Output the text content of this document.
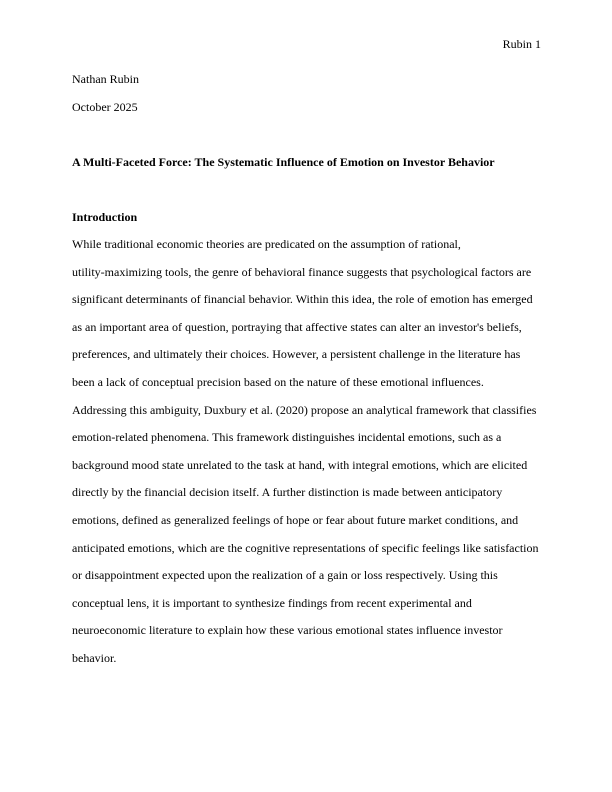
Rubin 1
Nathan Rubin
October 2025
A Multi-Faceted Force: The Systematic Influence of Emotion on Investor Behavior
Introduction
While traditional economic theories are predicated on the assumption of rational,
utility-maximizing tools, the genre of behavioral finance suggests that psychological factors are
significant determinants of financial behavior. Within this idea, the role of emotion has emerged
as an important area of question, portraying that affective states can alter an investor's beliefs,
preferences, and ultimately their choices. However, a persistent challenge in the literature has
been a lack of conceptual precision based on the nature of these emotional influences.
Addressing this ambiguity, Duxbury et al. (2020) propose an analytical framework that classifies
emotion-related phenomena. This framework distinguishes incidental emotions, such as a
background mood state unrelated to the task at hand, with integral emotions, which are elicited
directly by the financial decision itself. A further distinction is made between anticipatory
emotions, defined as generalized feelings of hope or fear about future market conditions, and
anticipated emotions, which are the cognitive representations of specific feelings like satisfaction
or disappointment expected upon the realization of a gain or loss respectively. Using this
conceptual lens, it is important to synthesize findings from recent experimental and
neuroeconomic literature to explain how these various emotional states influence investor
behavior.
